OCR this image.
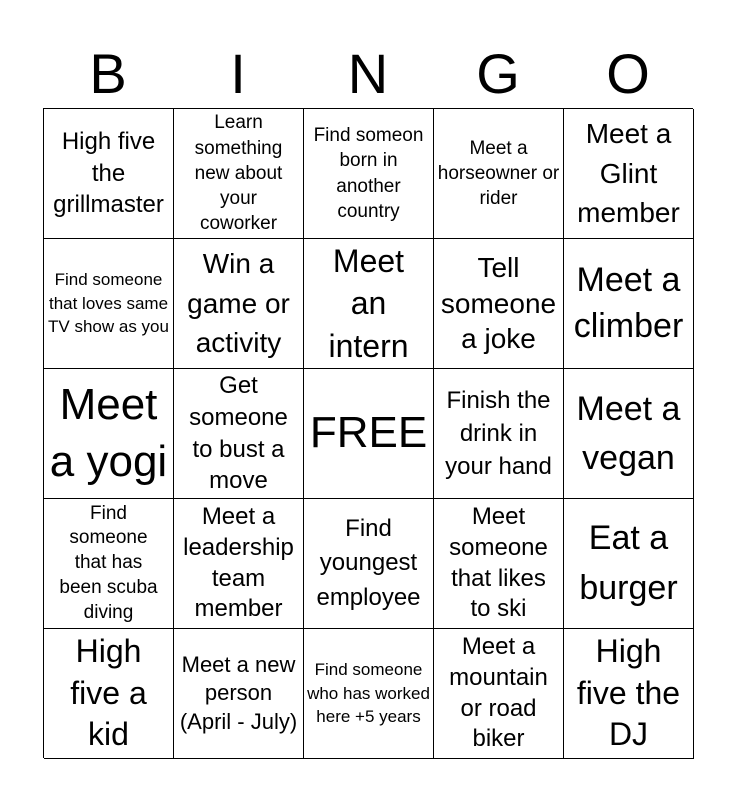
B	I	N	G	O
High five the grillmaster
Learn something new about your coworker
Find someon born in another country
Meet a horseowner or rider
Meet a Glint member
Find someone that loves same TV show as you
Win a game or activity
Meet an intern
Tell someone a joke
Meet a climber
Meet a yogi
Get someone to bust a move
FREE
Finish the drink in your hand
Meet a vegan
Find someone that has been scuba diving
Meet a leadership team member
Find youngest employee
Meet someone that likes to ski
Eat a burger
High five a kid
Meet a new person (April - July)
Find someone who has worked here +5 years
Meet a mountain or road biker
High five the DJ
